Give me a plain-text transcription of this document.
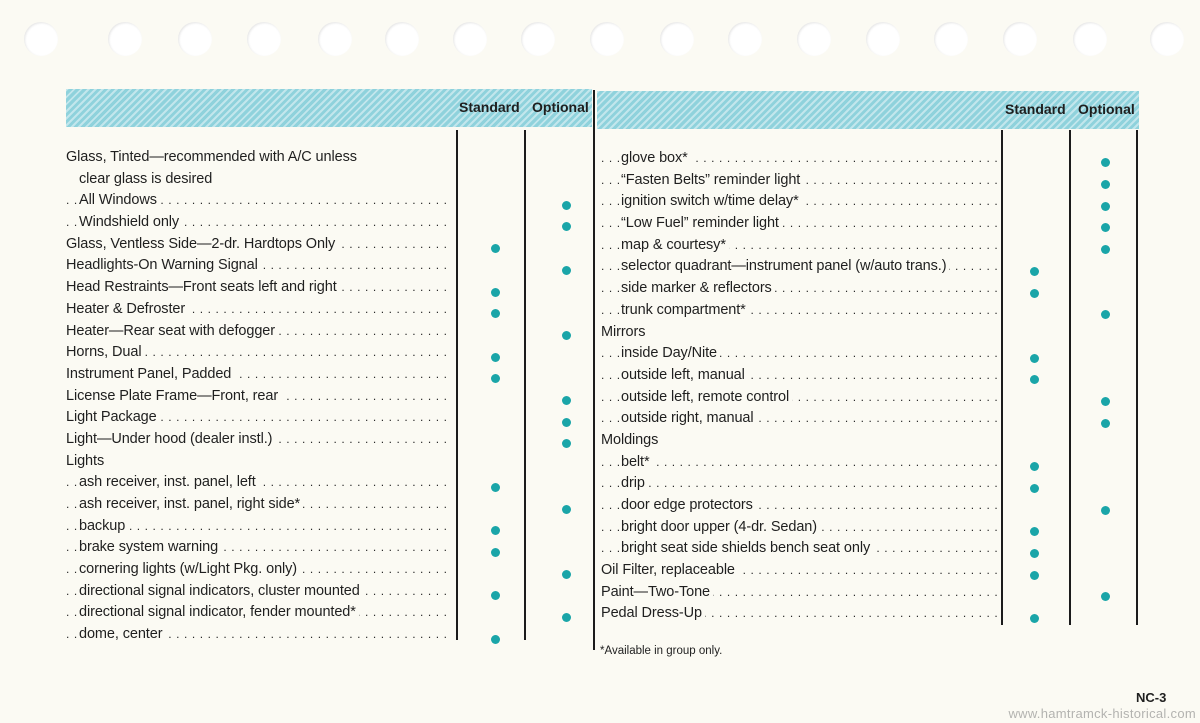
Standard Optional	Standard Optional
Glass, Tinted—recommended with A/C unless
clear glass is desired
All Windows . . .
Windshield only . . .
Glass, Ventless Side—2-dr. Hardtops Only . . .
Headlights-On Warning Signal . . .
Head Restraints—Front seats left and right . . .
Heater & Defroster . . .
Heater—Rear seat with defogger . . .
Horns, Dual . . .
Instrument Panel, Padded . . .
License Plate Frame—Front, rear . . .
Light Package . . .
Light—Under hood (dealer instl.) . . .
Lights
ash receiver, inst. panel, left . . .
ash receiver, inst. panel, right side* . . .
backup . . .
brake system warning . . .
cornering lights (w/Light Pkg. only) . . .
directional signal indicators, cluster mounted . . .
directional signal indicator, fender mounted* . . .
dome, center . . .
glove box* . . .
“Fasten Belts” reminder light . . .
ignition switch w/time delay* . . .
“Low Fuel” reminder light . . .
map & courtesy* . . .
selector quadrant—instrument panel (w/auto trans.) . . .
side marker & reflectors . . .
trunk compartment* . . .
Mirrors
inside Day/Nite . . .
outside left, manual . . .
outside left, remote control . . .
outside right, manual . . .
Moldings
belt* . . .
drip . . .
door edge protectors . . .
bright door upper (4-dr. Sedan) . . .
bright seat side shields bench seat only . . .
Oil Filter, replaceable . . .
Paint—Two-Tone . . .
Pedal Dress-Up . . .
*Available in group only.
NC-3
www.hamtramck-historical.com
